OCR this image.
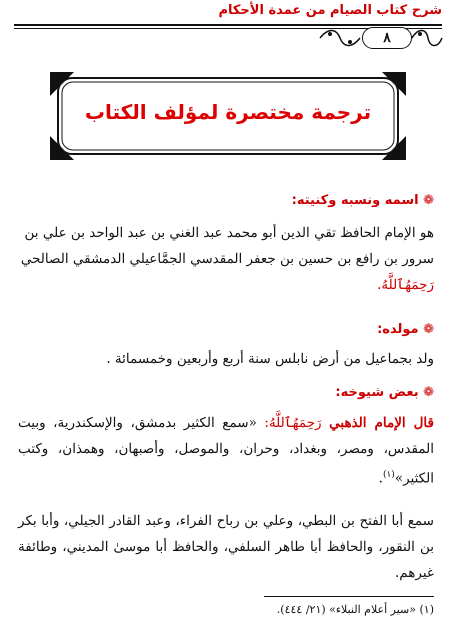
شرح كتاب الصيام من عمدة الأحكام
٨
ترجمة مختصرة لمؤلف الكتاب
❁ اسمه ونسبه وكنيته:
هو الإمام الحافظ تقي الدين أبو محمد عبد الغني بن عبد الواحد بن علي بن
سرور بن رافع بن حسين بن جعفر المقدسي الجمَّاعيلي الدمشقي الصالحي
رَحِمَهُٱللَّهُ.
❁ مولده:
ولد بجماعيل من أرض نابلس سنة أربع وأربعين وخمسمائة .
❁ بعض شيوخه:
قال الإمام الذهبي رَحِمَهُٱللَّهُ: «سمع الكثير بدمشق، والإسكندرية، وبيت المقدس، ومصر، وبغداد، وحران، والموصل، وأصبهان، وهمذان، وكتب الكثير»$^{(١)}$.
سمع أبا الفتح بن البطي، وعلي بن رباح الفراء، وعبد القادر الجيلي، وأبا بكر بن النقور، والحافظ أبا طاهر السلفي، والحافظ أبا موسىٰ المديني، وطائفة غيرهم.
(١) «سير أعلام النبلاء» (٢١/ ٤٤٤).
